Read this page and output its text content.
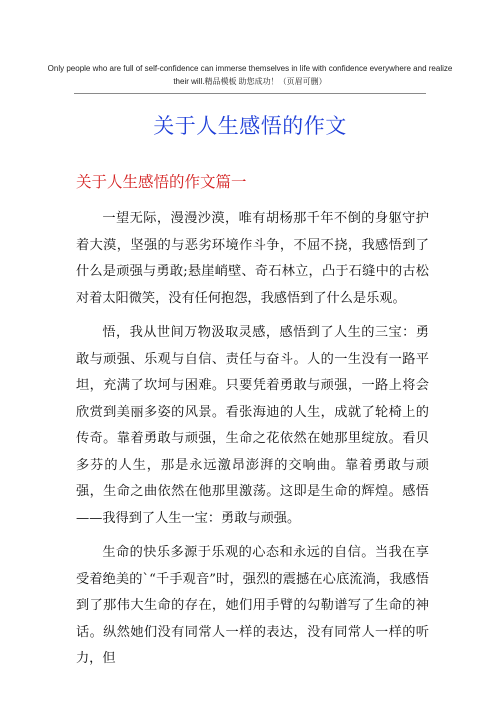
Only people who are full of self-confidence can immerse themselves in life with confidence everywhere and realize their will.精品模板 助您成功！（页眉可删）
关于人生感悟的作文
关于人生感悟的作文篇一

一望无际，漫漫沙漠，唯有胡杨那千年不倒的身躯守护着大漠，坚强的与恶劣环境作斗争，不屈不挠，我感悟到了什么是顽强与勇敢;悬崖峭壁、奇石林立，凸于石缝中的古松对着太阳微笑，没有任何抱怨，我感悟到了什么是乐观。

悟，我从世间万物汲取灵感，感悟到了人生的三宝：勇敢与顽强、乐观与自信、责任与奋斗。人的一生没有一路平坦，充满了坎坷与困难。只要凭着勇敢与顽强，一路上将会欣赏到美丽多姿的风景。看张海迪的人生，成就了轮椅上的传奇。靠着勇敢与顽强，生命之花依然在她那里绽放。看贝多芬的人生，那是永远激昂澎湃的交响曲。靠着勇敢与顽强，生命之曲依然在他那里激荡。这即是生命的辉煌。感悟——我得到了人生一宝：勇敢与顽强。

生命的快乐多源于乐观的心态和永远的自信。当我在享受着绝美的`“千手观音”时，强烈的震撼在心底流淌，我感悟到了那伟大生命的存在，她们用手臂的勾勒谱写了生命的神话。纵然她们没有同常人一样的表达，没有同常人一样的听力，但
